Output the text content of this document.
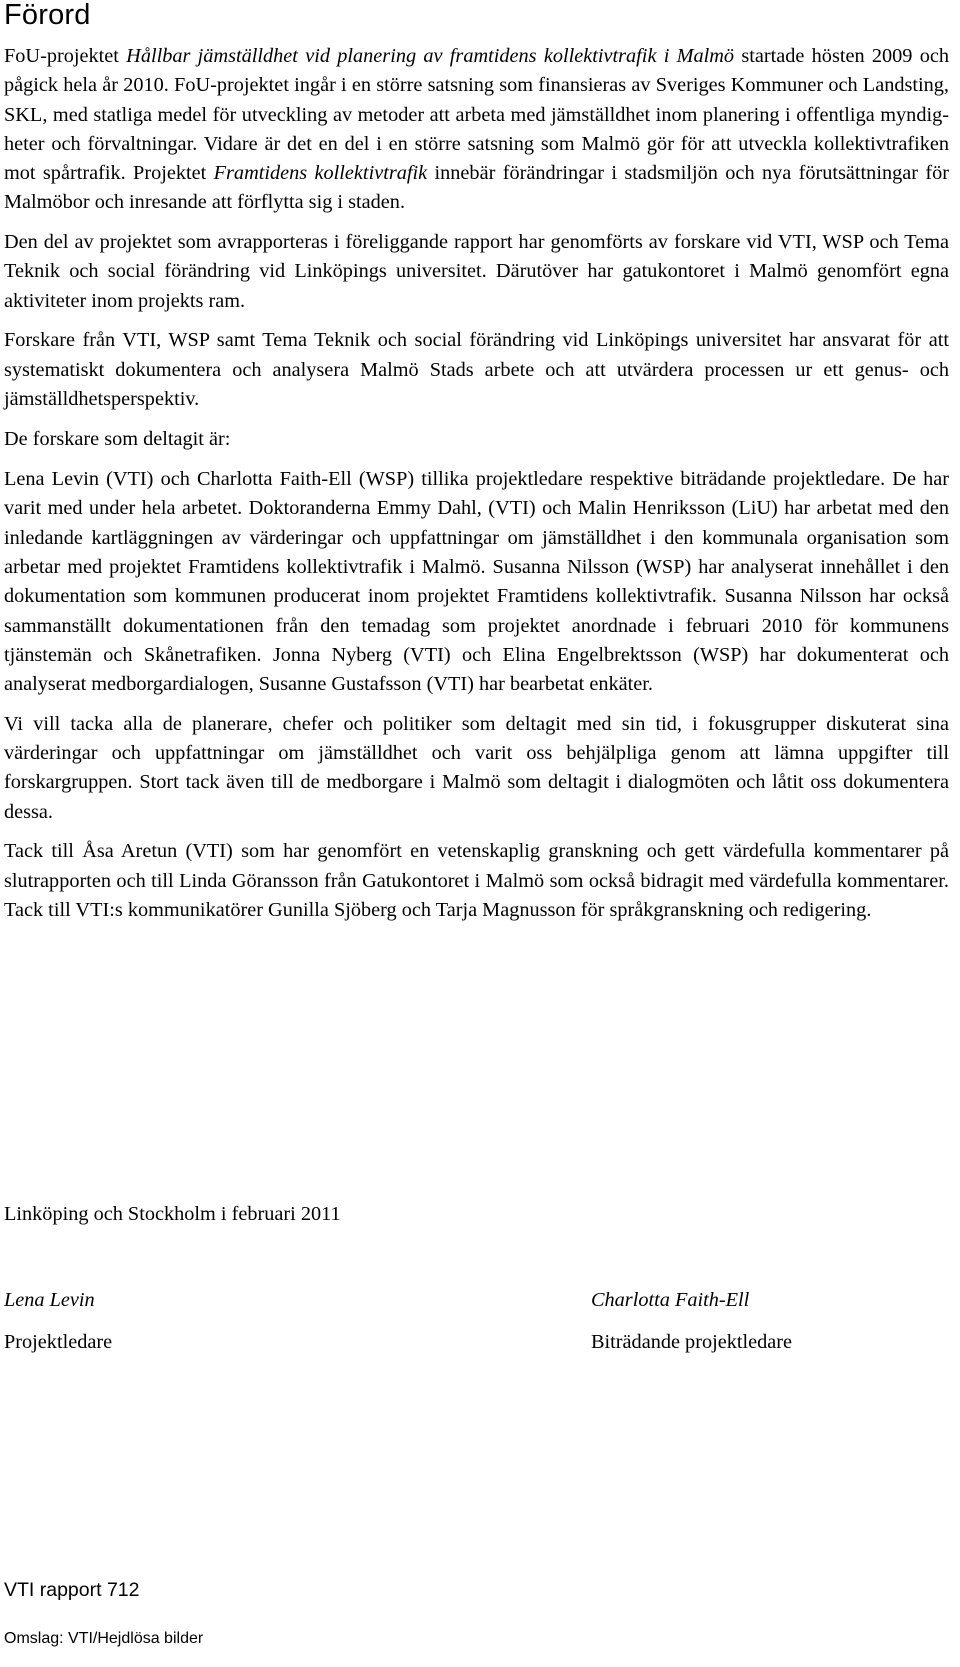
Förord

FoU-projektet Hållbar jämställdhet vid planering av framtidens kollektivtrafik i Malmö startade hösten 2009 och pågick hela år 2010. FoU-projektet ingår i en större satsning som finansieras av Sveriges Kommuner och Landsting, SKL, med statliga medel för utveckling av metoder att arbeta med jämställdhet inom planering i offentliga myndigheter och förvaltningar. Vidare är det en del i en större satsning som Malmö gör för att utveckla kollektivtrafiken mot spårtrafik. Projektet Framtidens kollektivtrafik innebär förändringar i stadsmiljön och nya förutsättningar för Malmöbor och inresande att förflytta sig i staden.

Den del av projektet som avrapporteras i föreliggande rapport har genomförts av forskare vid VTI, WSP och Tema Teknik och social förändring vid Linköpings universitet. Därutöver har gatukontoret i Malmö genomfört egna aktiviteter inom projekts ram.

Forskare från VTI, WSP samt Tema Teknik och social förändring vid Linköpings universitet har ansvarat för att systematiskt dokumentera och analysera Malmö Stads arbete och att utvärdera processen ur ett genus- och jämställdhetsperspektiv.

De forskare som deltagit är:

Lena Levin (VTI) och Charlotta Faith-Ell (WSP) tillika projektledare respektive biträdande projektledare. De har varit med under hela arbetet. Doktoranderna Emmy Dahl, (VTI) och Malin Henriksson (LiU) har arbetat med den inledande kartläggningen av värderingar och uppfattningar om jämställdhet i den kommunala organisation som arbetar med projektet Framtidens kollektivtrafik i Malmö. Susanna Nilsson (WSP) har analyserat innehållet i den dokumentation som kommunen producerat inom projektet Framtidens kollektivtrafik. Susanna Nilsson har också sammanställt dokumentationen från den temadag som projektet anordnade i februari 2010 för kommunens tjänstemän och Skånetrafiken. Jonna Nyberg (VTI) och Elina Engelbrektsson (WSP) har dokumenterat och analyserat medborgardialogen, Susanne Gustafsson (VTI) har bearbetat enkäter.

Vi vill tacka alla de planerare, chefer och politiker som deltagit med sin tid, i fokusgrupper diskuterat sina värderingar och uppfattningar om jämställdhet och varit oss behjälpliga genom att lämna uppgifter till forskargruppen. Stort tack även till de medborgare i Malmö som deltagit i dialogmöten och låtit oss dokumentera dessa.

Tack till Åsa Aretun (VTI) som har genomfört en vetenskaplig granskning och gett värdefulla kommentarer på slutrapporten och till Linda Göransson från Gatukontoret i Malmö som också bidragit med värdefulla kommentarer. Tack till VTI:s kommunikatörer Gunilla Sjöberg och Tarja Magnusson för språkgranskning och redigering.

Linköping och Stockholm i februari 2011

Lena Levin
Projektledare
Charlotta Faith-Ell
Biträdande projektledare

VTI rapport 712

Omslag: VTI/Hejdlösa bilder
